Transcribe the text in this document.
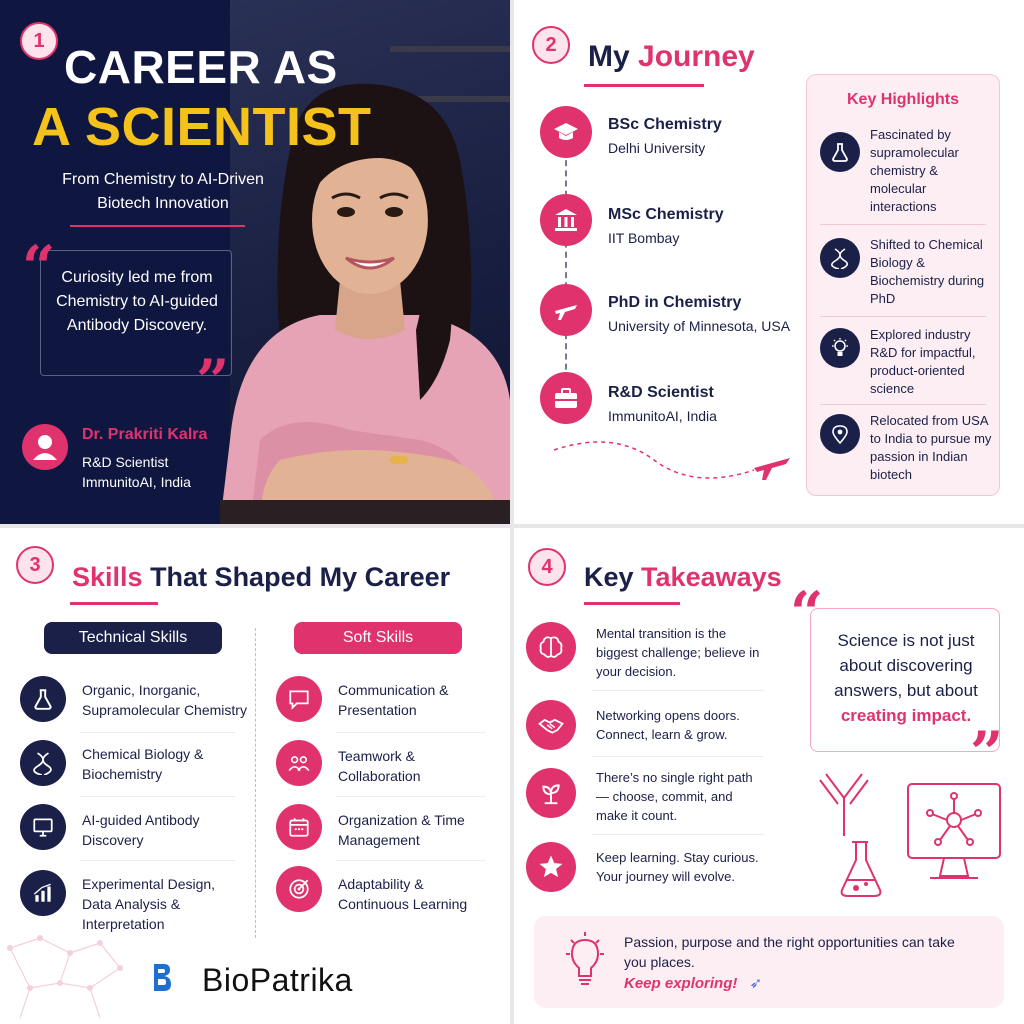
1
CAREER AS
A SCIENTIST
From Chemistry to AI-Driven Biotech Innovation
“
”
Curiosity led me from Chemistry to AI-guided Antibody Discovery.
Dr. Prakriti Kalra
R&D Scientist
ImmunitoAI, India
2	My Journey
BSc Chemistry
Delhi University
MSc Chemistry
IIT Bombay
PhD in Chemistry
University of Minnesota, USA
R&D Scientist
ImmunitoAI, India
Key Highlights
Fascinated by supramolecular chemistry & molecular interactions
Shifted to Chemical Biology & Biochemistry during PhD
Explored industry R&D for impactful, product-oriented science
Relocated from USA to India to pursue my passion in Indian biotech
3	Skills That Shaped My Career
Technical Skills	Soft Skills
Organic, Inorganic, Supramolecular Chemistry
Chemical Biology & Biochemistry
AI-guided Antibody Discovery
Experimental Design, Data Analysis & Interpretation
Communication & Presentation
Teamwork & Collaboration
Organization & Time Management
Adaptability & Continuous Learning
BioPatrika
4	Key Takeaways
Mental transition is the biggest challenge; believe in your decision.
Networking opens doors. Connect, learn & grow.
There’s no single right path — choose, commit, and make it count.
Keep learning. Stay curious. Your journey will evolve.
“
”
Science is not just about discovering answers, but about creating impact.
Passion, purpose and the right opportunities can take you places.
Keep exploring! ➶
